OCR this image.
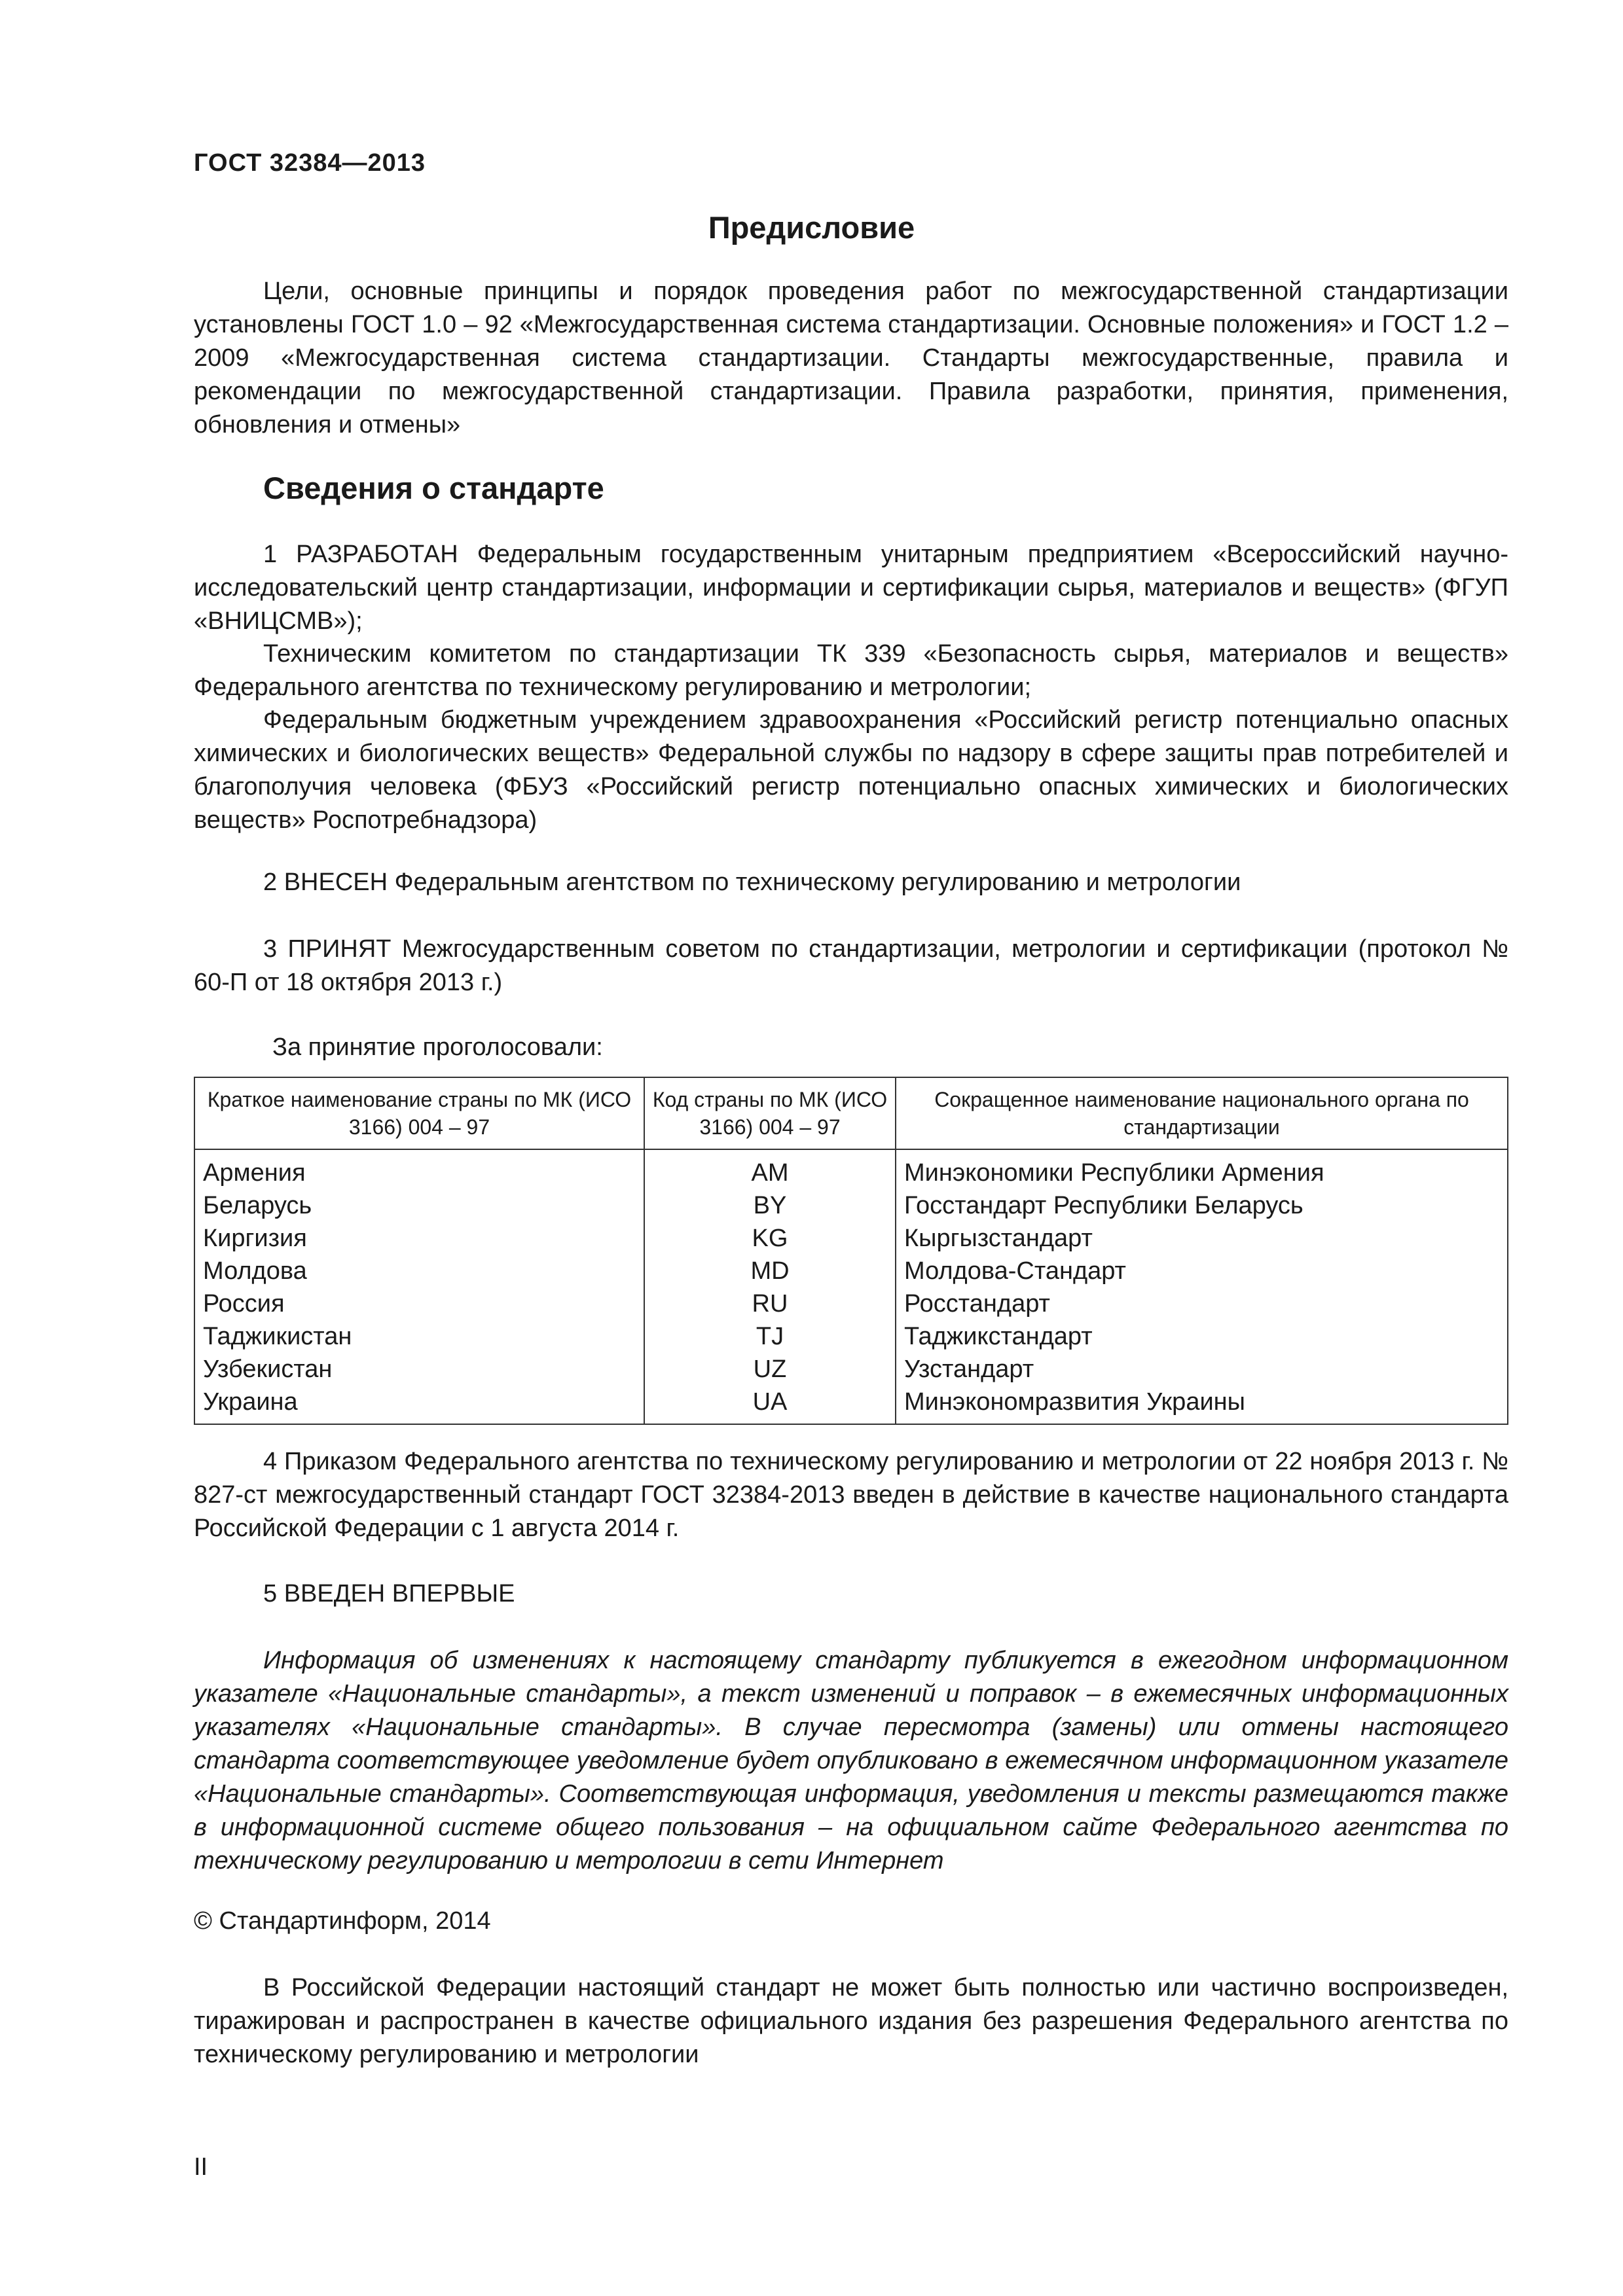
ГОСТ 32384—2013
Предисловие
Цели, основные принципы и порядок проведения работ по межгосударственной стандартизации установлены ГОСТ 1.0 – 92 «Межгосударственная система стандартизации. Основные положения» и ГОСТ 1.2 – 2009 «Межгосударственная система стандартизации. Стандарты межгосударственные, правила и рекомендации по межгосударственной стандартизации. Правила разработки, принятия, применения, обновления и отмены»
Сведения о стандарте
1 РАЗРАБОТАН Федеральным государственным унитарным предприятием «Всероссийский научно-исследовательский центр стандартизации, информации и сертификации сырья, материалов и веществ» (ФГУП «ВНИЦСМВ»);
Техническим комитетом по стандартизации ТК 339 «Безопасность сырья, материалов и веществ» Федерального агентства по техническому регулированию и метрологии;
Федеральным бюджетным учреждением здравоохранения «Российский регистр потенциально опасных химических и биологических веществ» Федеральной службы по надзору в сфере защиты прав потребителей и благополучия человека (ФБУЗ «Российский регистр потенциально опасных химических и биологических веществ» Роспотребнадзора)
2 ВНЕСЕН Федеральным агентством по техническому регулированию и метрологии
3 ПРИНЯТ Межгосударственным советом по стандартизации, метрологии и сертификации (протокол № 60-П от 18 октября 2013 г.)
За принятие проголосовали:
Краткое наименование страны по МК (ИСО 3166) 004 – 97	Код страны по МК (ИСО 3166) 004 – 97	Сокращенное наименование национального органа по стандартизации
Армения	AM	Минэкономики Республики Армения
Беларусь	BY	Госстандарт Республики Беларусь
Киргизия	KG	Кыргызстандарт
Молдова	MD	Молдова-Стандарт
Россия	RU	Росстандарт
Таджикистан	TJ	Таджикстандарт
Узбекистан	UZ	Узстандарт
Украина	UA	Минэкономразвития Украины
4 Приказом Федерального агентства по техническому регулированию и метрологии от 22 ноября 2013 г. № 827-ст межгосударственный стандарт ГОСТ 32384-2013 введен в действие в качестве национального стандарта Российской Федерации с 1 августа 2014 г.
5 ВВЕДЕН ВПЕРВЫЕ
Информация об изменениях к настоящему стандарту публикуется в ежегодном информационном указателе «Национальные стандарты», а текст изменений и поправок – в ежемесячных информационных указателях «Национальные стандарты». В случае пересмотра (замены) или отмены настоящего стандарта соответствующее уведомление будет опубликовано в ежемесячном информационном указателе «Национальные стандарты». Соответствующая информация, уведомления и тексты размещаются также в информационной системе общего пользования – на официальном сайте Федерального агентства по техническому регулированию и метрологии в сети Интернет
© Стандартинформ, 2014
В Российской Федерации настоящий стандарт не может быть полностью или частично воспроизведен, тиражирован и распространен в качестве официального издания без разрешения Федерального агентства по техническому регулированию и метрологии
II
